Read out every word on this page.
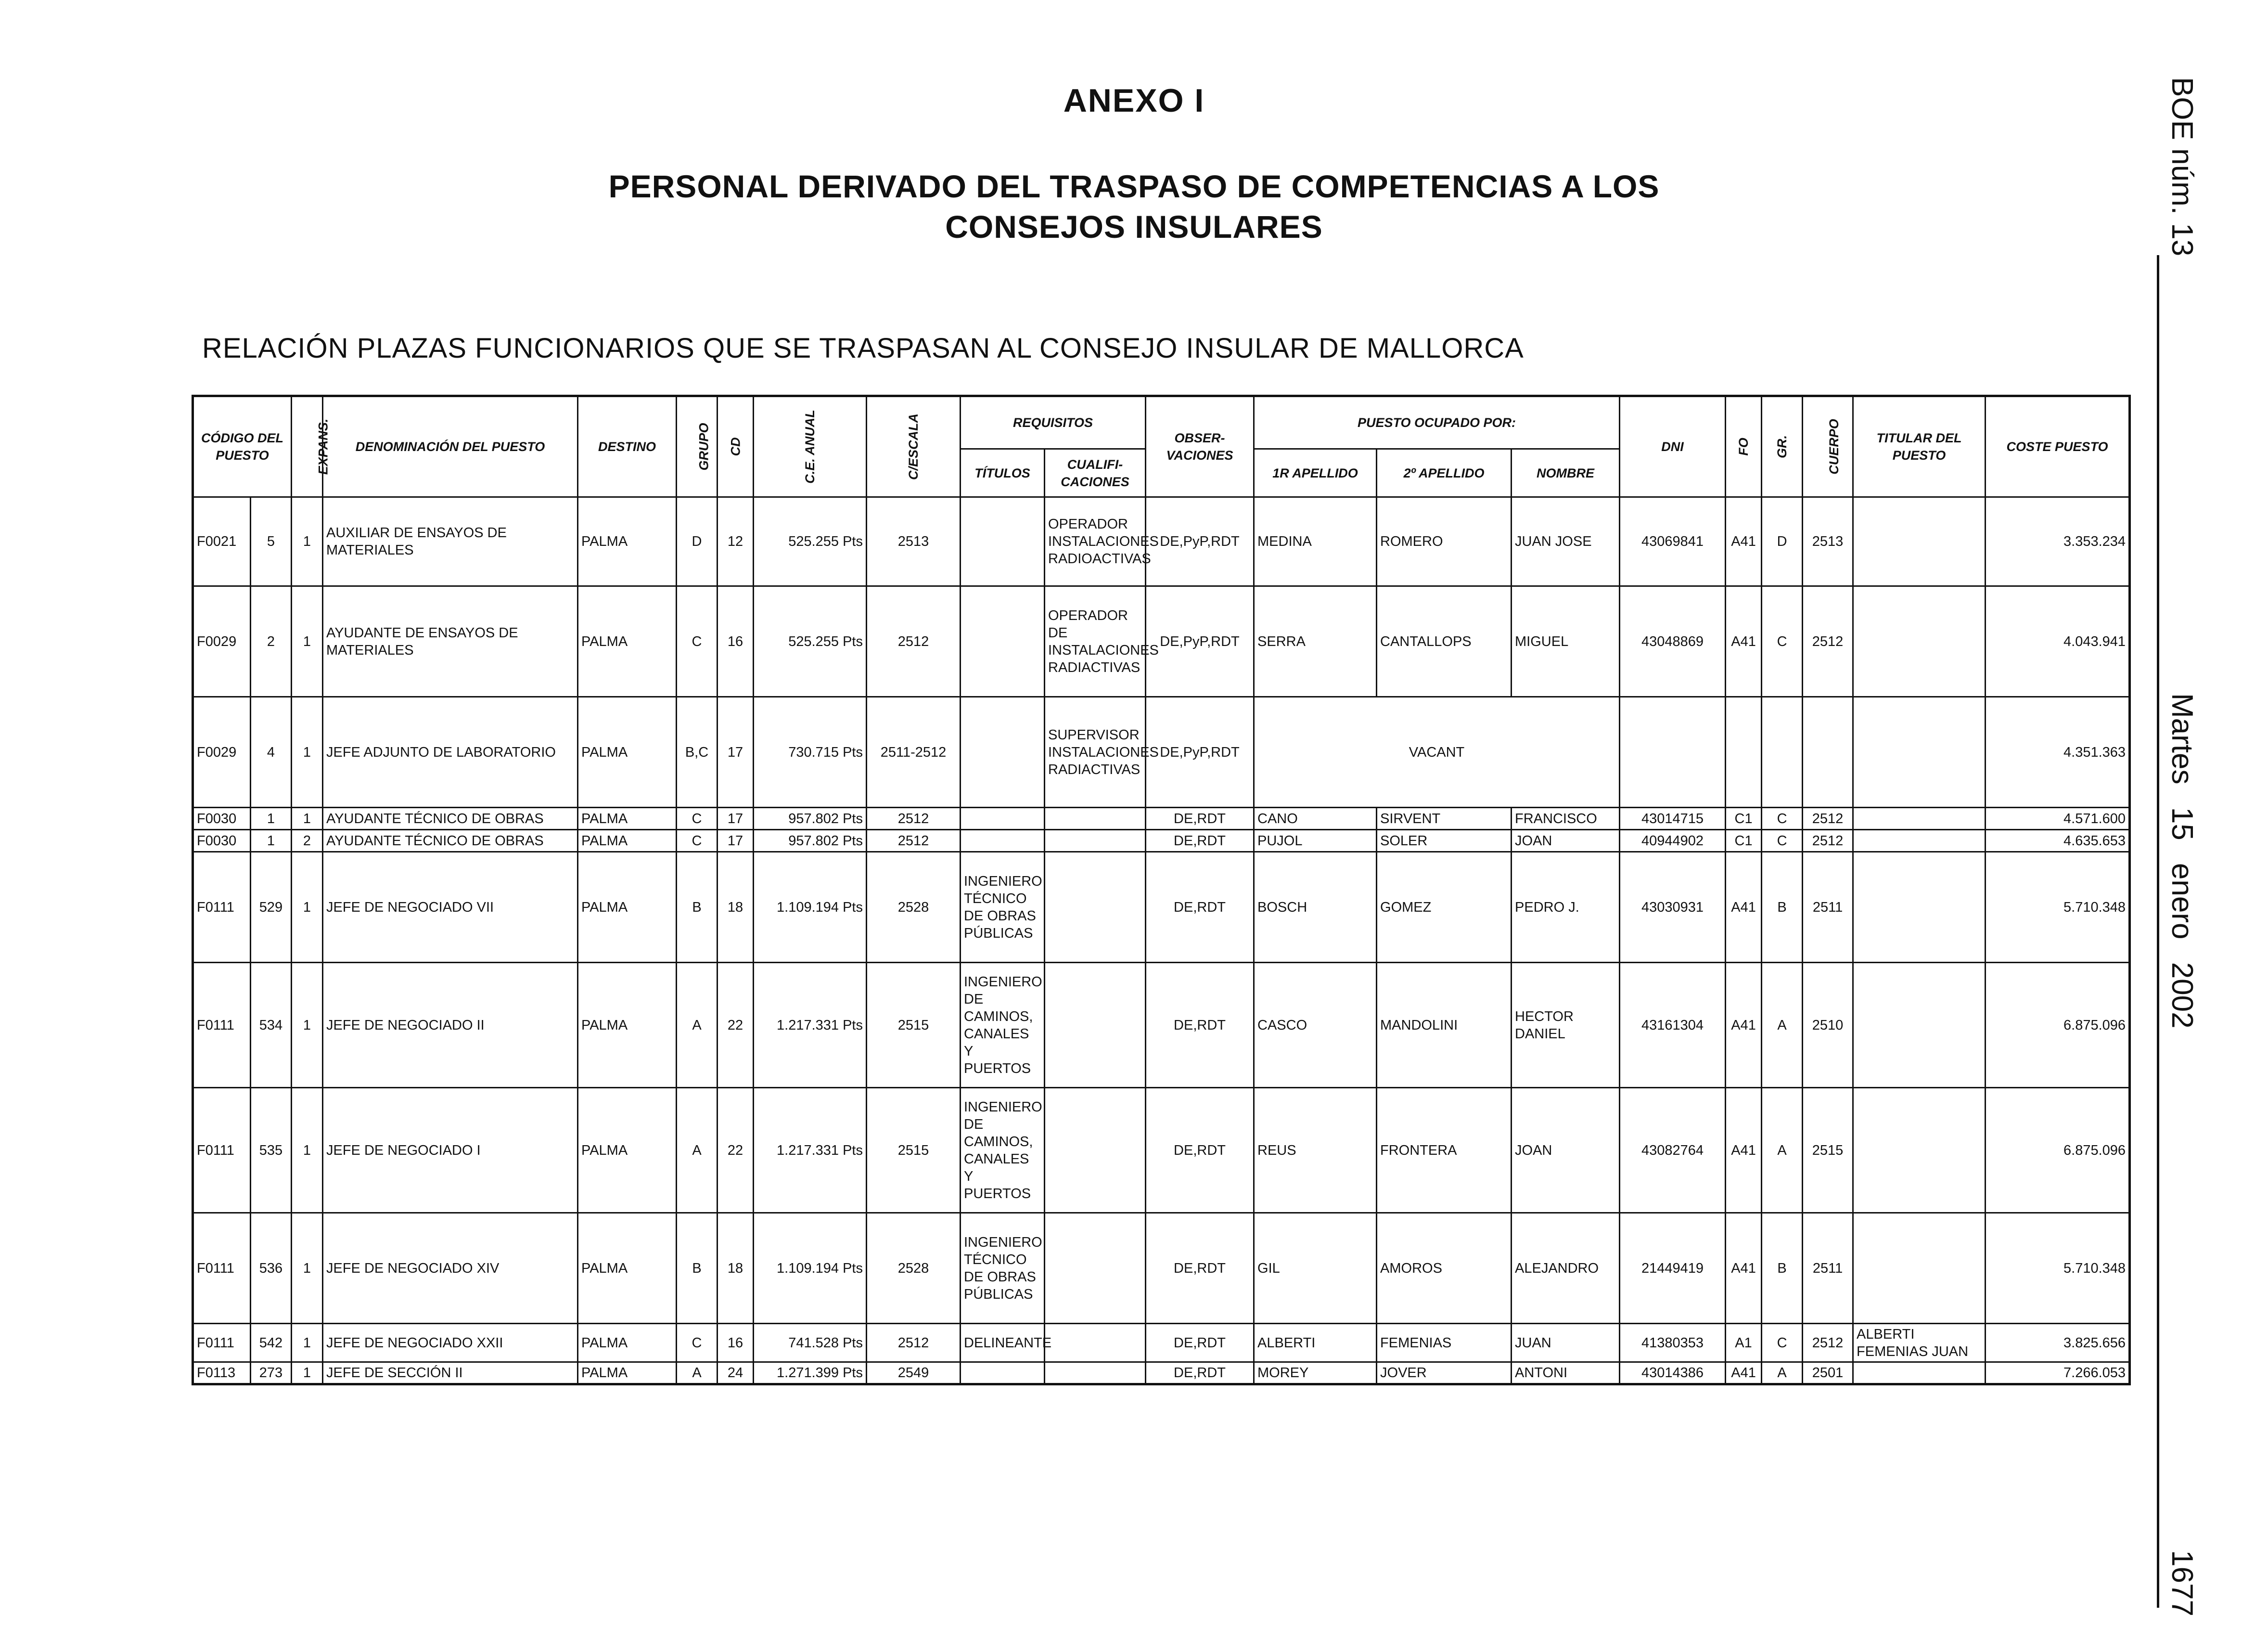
ANEXO I
PERSONAL DERIVADO DEL TRASPASO DE COMPETENCIAS A LOS
CONSEJOS INSULARES
RELACIÓN PLAZAS FUNCIONARIOS QUE SE TRASPASAN AL CONSEJO INSULAR DE MALLORCA
BOE núm. 13
Martes 15 enero 2002
1677
CÓDIGO DEL PUESTO		EXPANS.	DENOMINACIÓN DEL PUESTO	DESTINO	GRUPO	CD	C.E. ANUAL	C/ESCALA	REQUISITOS		OBSER-VACIONES	PUESTO OCUPADO POR:			DNI	FO	GR.	CUERPO	TITULAR DEL PUESTO	COSTE PUESTO
									TÍTULOS	CUALIFI-CACIONES		1R APELLIDO	2º APELLIDO	NOMBRE						
F0021	5	1	AUXILIAR DE ENSAYOS DE MATERIALES	PALMA	D	12	525.255 Pts	2513		OPERADOR INSTALACIONES RADIOACTIVAS	DE,PyP,RDT	MEDINA	ROMERO	JUAN JOSE	43069841	A41	D	2513		3.353.234
F0029	2	1	AYUDANTE DE ENSAYOS DE MATERIALES	PALMA	C	16	525.255 Pts	2512		OPERADOR DE INSTALACIONES RADIACTIVAS	DE,PyP,RDT	SERRA	CANTALLOPS	MIGUEL	43048869	A41	C	2512		4.043.941
F0029	4	1	JEFE ADJUNTO DE LABORATORIO	PALMA	B,C	17	730.715 Pts	2511-2512		SUPERVISOR INSTALACIONES RADIACTIVAS	DE,PyP,RDT	VACANT								4.351.363
F0030	1	1	AYUDANTE TÉCNICO DE OBRAS	PALMA	C	17	957.802 Pts	2512			DE,RDT	CANO	SIRVENT	FRANCISCO	43014715	C1	C	2512		4.571.600
F0030	1	2	AYUDANTE TÉCNICO DE OBRAS	PALMA	C	17	957.802 Pts	2512			DE,RDT	PUJOL	SOLER	JOAN	40944902	C1	C	2512		4.635.653
F0111	529	1	JEFE DE NEGOCIADO VII	PALMA	B	18	1.109.194 Pts	2528	INGENIERO TÉCNICO DE OBRAS PÚBLICAS		DE,RDT	BOSCH	GOMEZ	PEDRO J.	43030931	A41	B	2511		5.710.348
F0111	534	1	JEFE DE NEGOCIADO II	PALMA	A	22	1.217.331 Pts	2515	INGENIERO DE CAMINOS, CANALES Y PUERTOS		DE,RDT	CASCO	MANDOLINI	HECTOR DANIEL	43161304	A41	A	2510		6.875.096
F0111	535	1	JEFE DE NEGOCIADO I	PALMA	A	22	1.217.331 Pts	2515	INGENIERO DE CAMINOS, CANALES Y PUERTOS		DE,RDT	REUS	FRONTERA	JOAN	43082764	A41	A	2515		6.875.096
F0111	536	1	JEFE DE NEGOCIADO XIV	PALMA	B	18	1.109.194 Pts	2528	INGENIERO TÉCNICO DE OBRAS PÚBLICAS		DE,RDT	GIL	AMOROS	ALEJANDRO	21449419	A41	B	2511		5.710.348
F0111	542	1	JEFE DE NEGOCIADO XXII	PALMA	C	16	741.528 Pts	2512	DELINEANTE		DE,RDT	ALBERTI	FEMENIAS	JUAN	41380353	A1	C	2512	ALBERTI FEMENIAS JUAN	3.825.656
F0113	273	1	JEFE DE SECCIÓN II	PALMA	A	24	1.271.399 Pts	2549			DE,RDT	MOREY	JOVER	ANTONI	43014386	A41	A	2501		7.266.053
